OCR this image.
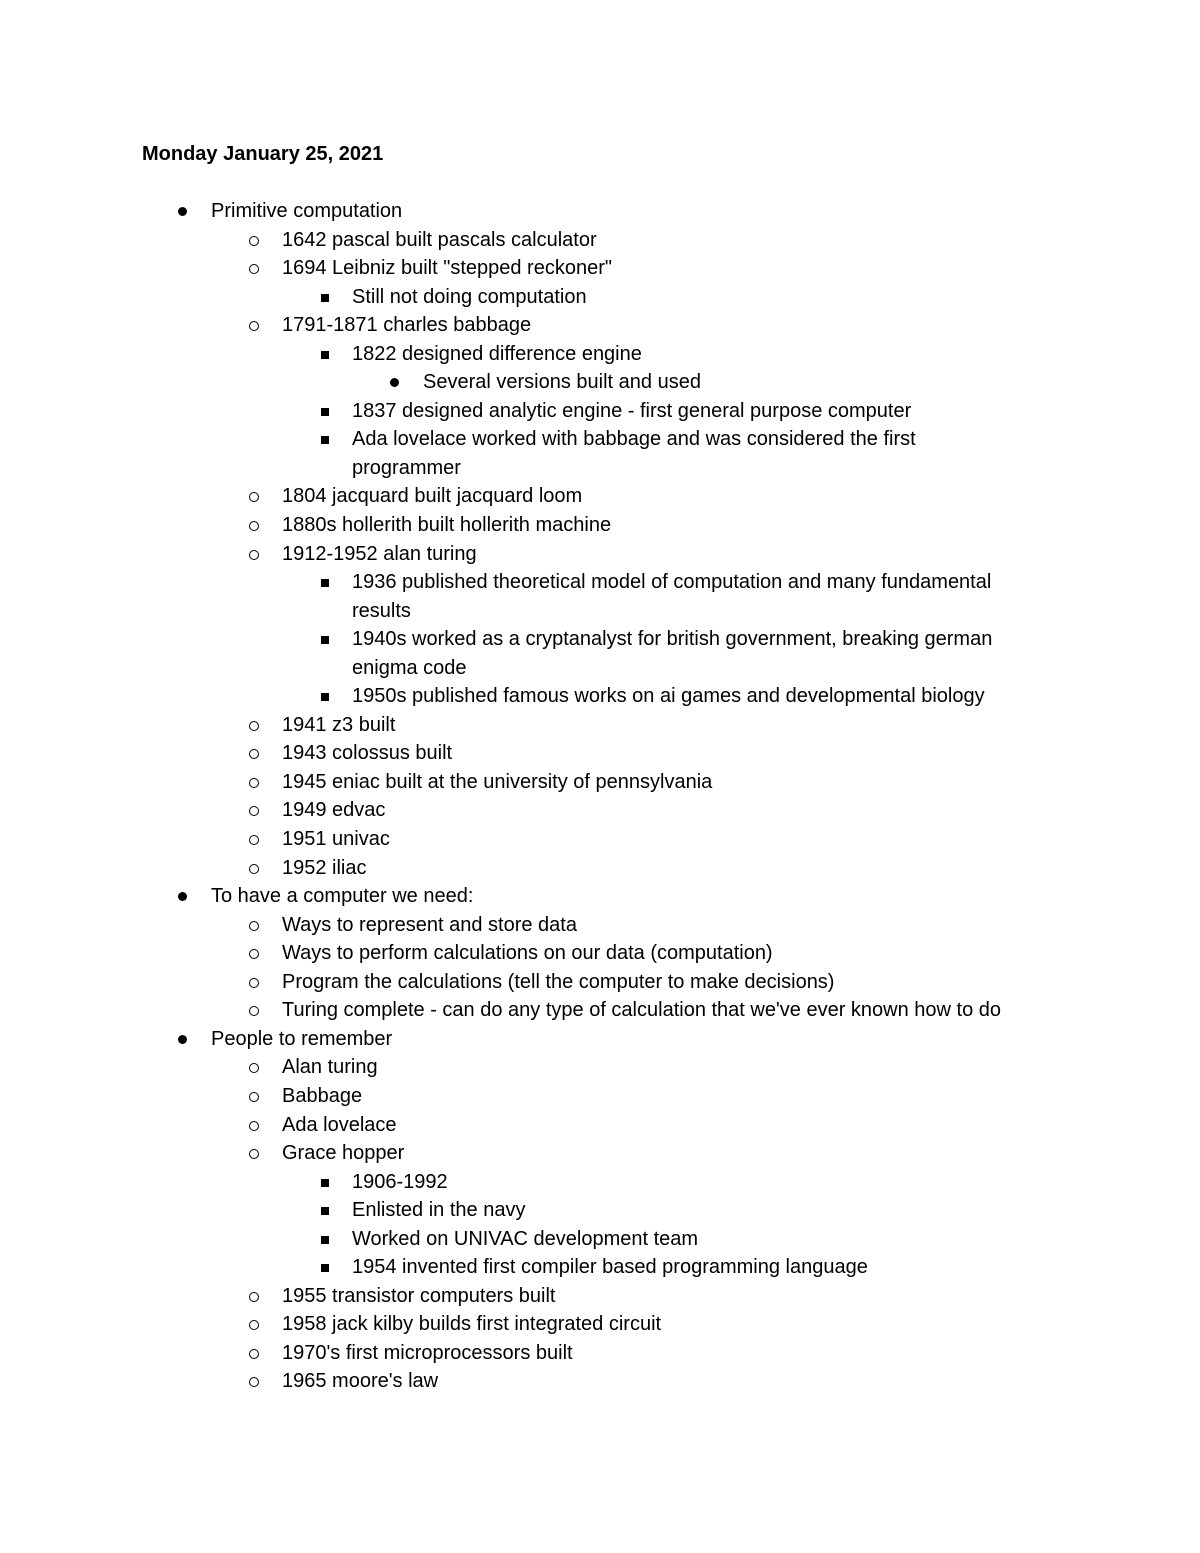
Monday January 25, 2021
Primitive computation
1642 pascal built pascals calculator
1694 Leibniz built "stepped reckoner"
Still not doing computation
1791-1871 charles babbage
1822 designed difference engine
Several versions built and used
1837 designed analytic engine - first general purpose computer
Ada lovelace worked with babbage and was considered the first
programmer
1804 jacquard built jacquard loom
1880s hollerith built hollerith machine
1912-1952 alan turing
1936 published theoretical model of computation and many fundamental
results
1940s worked as a cryptanalyst for british government, breaking german
enigma code
1950s published famous works on ai games and developmental biology
1941 z3 built
1943 colossus built
1945 eniac built at the university of pennsylvania
1949 edvac
1951 univac
1952 iliac
To have a computer we need:
Ways to represent and store data
Ways to perform calculations on our data (computation)
Program the calculations (tell the computer to make decisions)
Turing complete - can do any type of calculation that we've ever known how to do
People to remember
Alan turing
Babbage
Ada lovelace
Grace hopper
1906-1992
Enlisted in the navy
Worked on UNIVAC development team
1954 invented first compiler based programming language
1955 transistor computers built
1958 jack kilby builds first integrated circuit
1970's first microprocessors built
1965 moore's law
